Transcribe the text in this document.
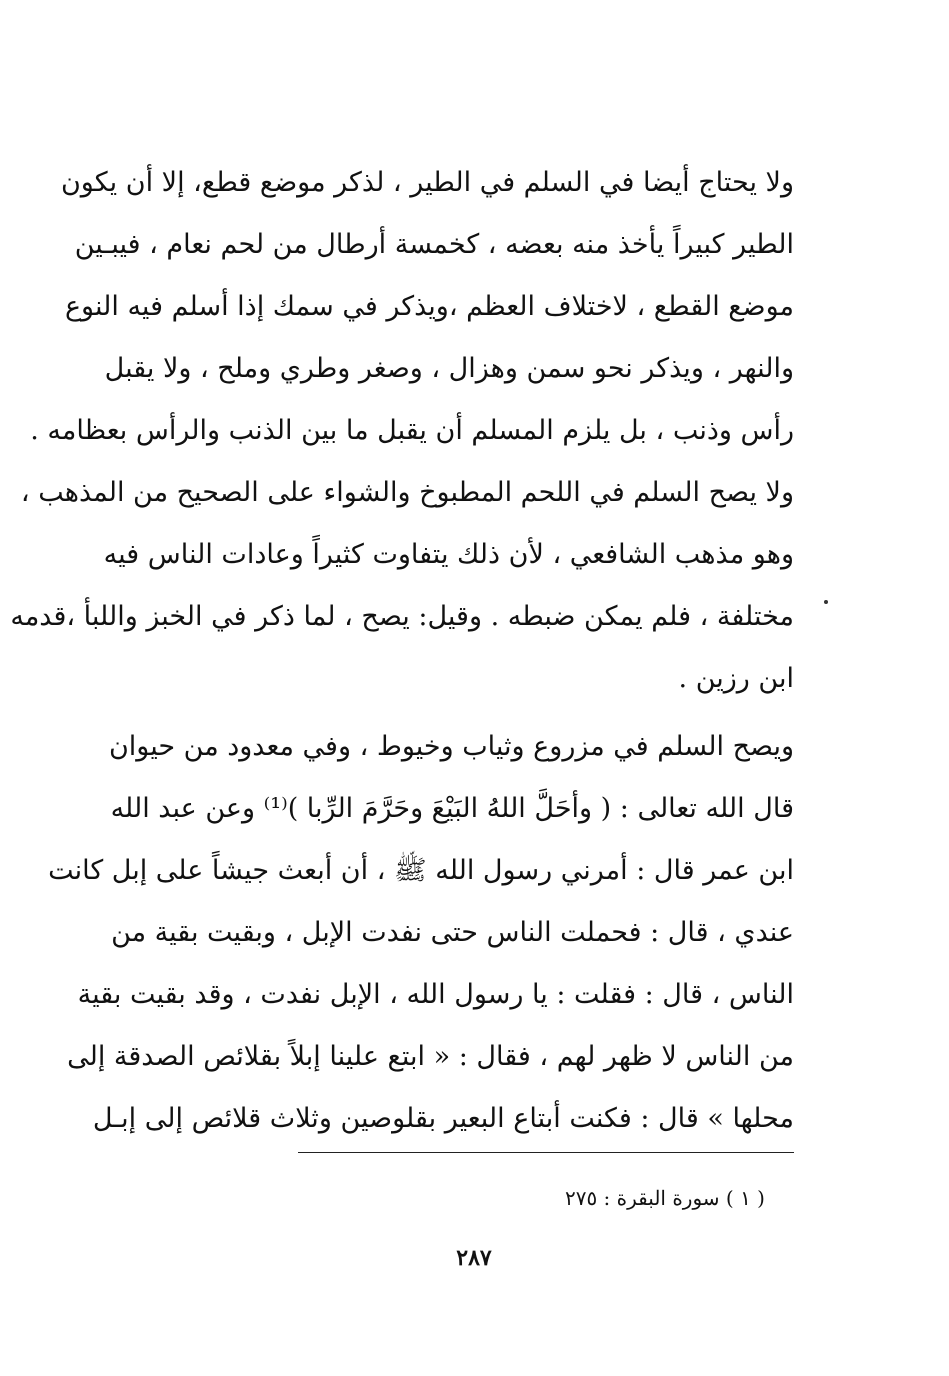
ولا يحتاج أيضا في السلم في الطير ، لذكر موضع قطع، إلا أن يكون
الطير كبيراً يأخذ منه بعضه ، كخمسة أرطال من لحم نعام ، فيبـين
موضع القطع ، لاختلاف العظم ،ويذكر في سمك إذا أسلم فيه النوع
والنهر ، ويذكر نحو سمن وهزال ، وصغر وطري وملح ، ولا يقبل
رأس وذنب ، بل يلزم المسلم أن يقبل ما بين الذنب والرأس بعظامه .
ولا يصح السلم في اللحم المطبوخ والشواء على الصحيح من المذهب ،
وهو مذهب الشافعي ، لأن ذلك يتفاوت كثيراً وعادات الناس فيه
مختلفة ، فلم يمكن ضبطه . وقيل: يصح ، لما ذكر في الخبز واللبأ ،قدمه
ابن رزين .
ويصح السلم في مزروع وثياب وخيوط ، وفي معدود من حيوان
قال الله تعالى : ( وأحَلَّ اللهُ البَيْعَ وحَرَّمَ الرِّبا )⁽¹⁾ وعن عبد الله
ابن عمر قال : أمرني رسول الله ﷺ ، أن أبعث جيشاً على إبل كانت
عندي ، قال : فحملت الناس حتى نفدت الإبل ، وبقيت بقية من
الناس ، قال : فقلت : يا رسول الله ، الإبل نفدت ، وقد بقيت بقية
من الناس لا ظهر لهم ، فقال : « ابتع علينا إبلاً بقلائص الصدقة إلى
محلها » قال : فكنت أبتاع البعير بقلوصين وثلاث قلائص إلى إبـل
( ١ ) سورة البقرة : ٢٧٥
٢٨٧
